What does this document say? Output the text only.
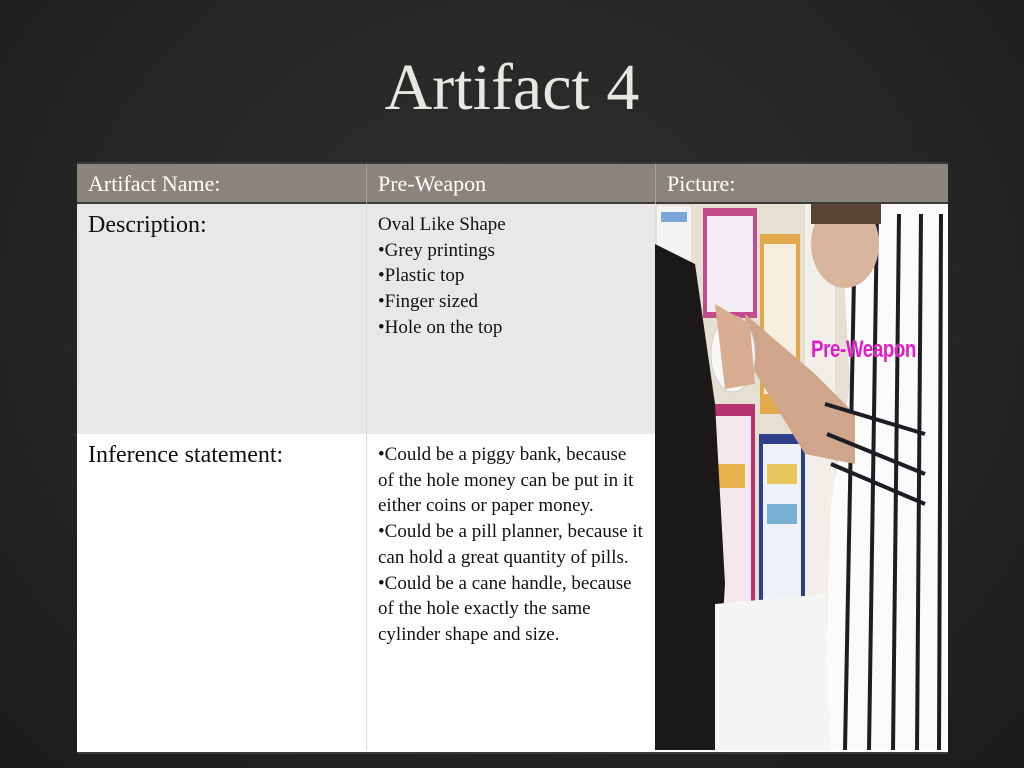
Artifact 4
Artifact Name:	Pre-Weapon	Picture:
Description:	Oval Like Shape

•Grey printings

•Plastic top

•Finger sized

•Hole on the top

Inference statement:	•Could be a piggy bank, because of the hole money can be put in it either coins or paper money.

•Could be a pill planner, because it can hold a great quantity of pills.

•Could be a cane handle, because of the hole exactly the same cylinder shape and size.

Pre-Weapon
